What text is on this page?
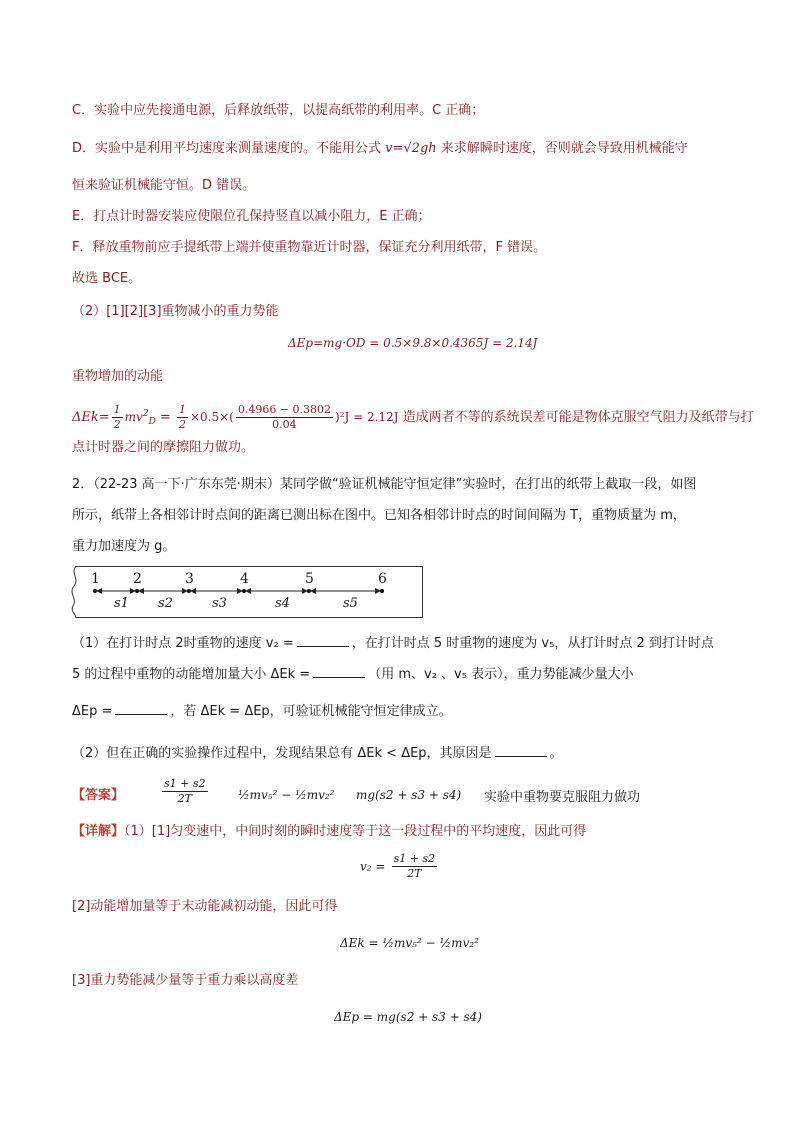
C．实验中应先接通电源，后释放纸带，以提高纸带的利用率。C 正确；
D．实验中是利用平均速度来测量速度的。不能用公式 v=√2gh 来求解瞬时速度，否则就会导致用机械能守
恒来验证机械能守恒。D 错误。
E．打点计时器安装应使限位孔保持竖直以减小阻力，E 正确；
F．释放重物前应手提纸带上端并使重物靠近计时器，保证充分利用纸带，F 错误。
故选 BCE。
（2）[1][2][3]重物减小的重力势能
ΔEp=mg·OD = 0.5×9.8×0.4365J = 2.14J
重物增加的动能
$\Delta Ek= \frac{1}{2} mv^2_D = \frac{1}{2} \times 0.5\times( \frac{0.4966 - 0.3802}{0.04} )^2J = 2.12J$ 造成两者不等的系统误差可能是物体克服空气阻力及纸带与打
点计时器之间的摩擦阻力做功。
2．（22-23 高一下·广东东莞·期末）某同学做“验证机械能守恒定律”实验时，在打出的纸带上截取一段，如图
所示，纸带上各相邻计时点间的距离已测出标在图中。已知各相邻计时点的时间间隔为 T，重物质量为 m，
重力加速度为 g。
1 2	3	4	5	6
s1 s2	s3	s4	s5
（1）在打计时点 2时重物的速度 v₂ =	，在打计时点 5 时重物的速度为 v₅，从打计时点 2 到打计时点
5 的过程中重物的动能增加量大小 ΔEk =	（用 m、v₂ 、v₅ 表示），重力势能减少量大小
ΔEp =	，若 ΔEk = ΔEp，可验证机械能守恒定律成立。
（2）但在正确的实验操作过程中，发现结果总有 ΔEk < ΔEp，其原因是	。
【答案】	$\frac{s1 + s2}{2T}$	½mv₅² − ½mv₂² mg(s2 + s3 + s4) 实验中重物要克服阻力做功
【详解】（1）[1]匀变速中，中间时刻的瞬时速度等于这一段过程中的平均速度，因此可得
$v_2 = \frac{s1 + s2}{2T}$
[2]动能增加量等于末动能减初动能，因此可得
ΔEk = ½mv₅² − ½mv₂²
[3]重力势能减少量等于重力乘以高度差
ΔEp = mg(s2 + s3 + s4)
